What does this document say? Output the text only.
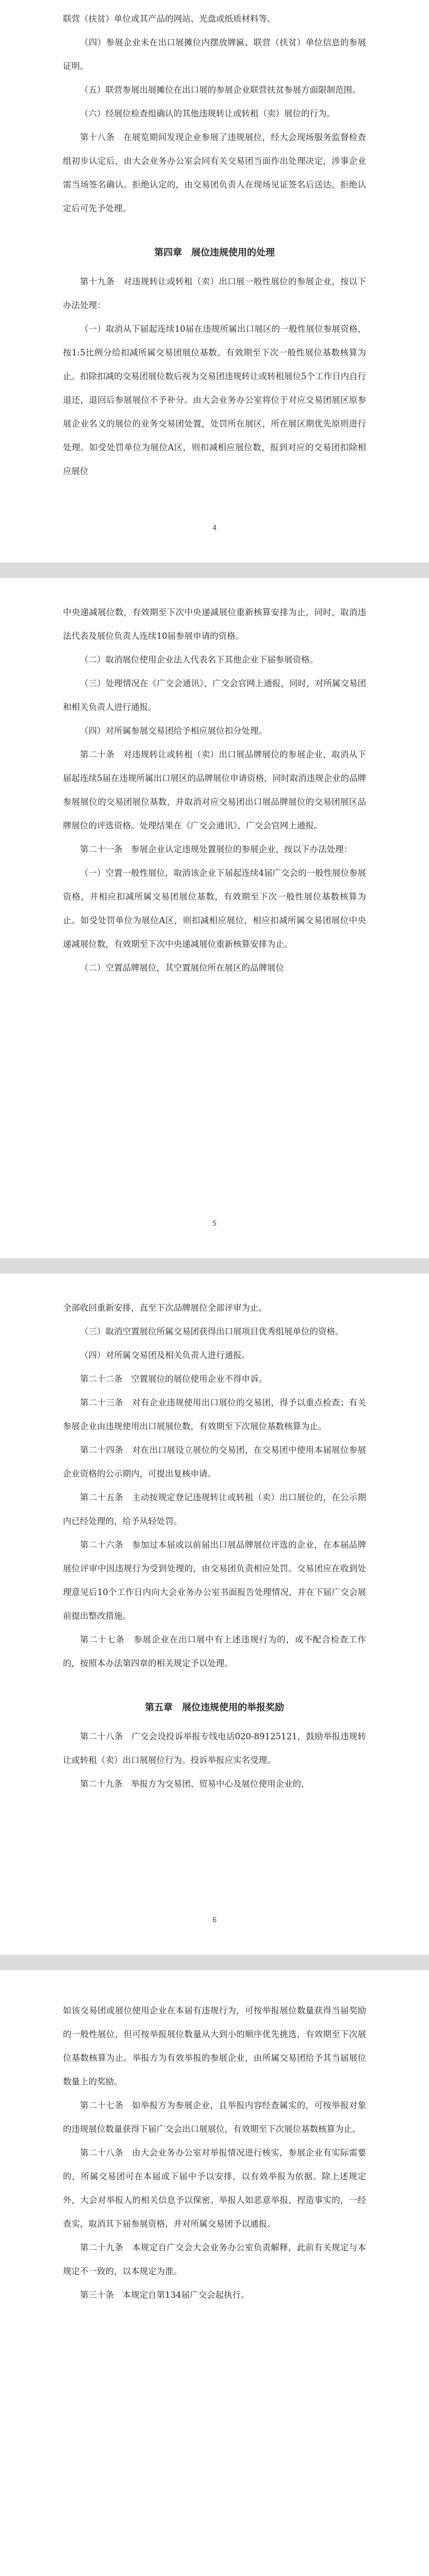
联营（扶贫）单位或其产品的网站、光盘或纸质材料等。

（四）参展企业未在出口展摊位内摆放牌匾、联营（扶贫）单位信息的参展证明。

（五）联营参展出展摊位在出口展的参展企业联营扶贫参展方面限制范围。

（六）经展位检查组确认的其他违规转让或转租（卖）展位的行为。

第十八条　在展览期间发现企业参展了违规展位，经大会现场服务监督检查组初步认定后，由大会业务办公室会同有关交易团当面作出处理决定，涉事企业需当场签名确认。拒绝认定的，由交易团负责人在现场见证签名后送达。拒绝认定后可先予处理。

第四章　展位违规使用的处理

第十九条　对违规转让或转租（卖）出口展一般性展位的参展企业，按以下办法处理：

（一）取消从下届起连续10届在违规所属出口展区的一般性展位参展资格，按1:5比例分给扣减所属交易团展位基数。有效期至下次一般性展位基数核算为止。扣除扣减的交易团展位数后视为交易团违规转让或转租展位5个工作日内自行退还，退回后参展展位不予补分。由大会业务办公室将位于对应交易团展区原参展企业名义的展位的业务交易团处置，处罚所在展区，所在展区期优先原则进行处理。如受处罚单位为展位A区，则扣减相应展位数，报到对应的交易团扣除相应展位

4

中央递减展位数，有效期至下次中央递减展位重新核算安排为止，同时，取消违法代表及展位负责人连续10届参展申请的资格。

（二）取消展位使用企业法人代表名下其他企业下届参展资格。

（三）处理情况在《广交会通讯》、广交会官网上通报，同时，对所属交易团和相关负责人进行通报。

（四）对所属参展交易团给予相应展位扣分处理。

第二十条　对违规转让或转租（卖）出口展品牌展位的参展企业，取消从下届起连续5届在违规所属出口展区的品牌展位申请资格，同时取消违规企业的品牌参展展位的交易团展位基数，并取消对应交易团出口展品牌展位的交易团展区品牌展位的评选资格。处理结果在《广交会通讯》、广交会官网上通报。

第二十一条　参展企业认定违规处置展位的参展企业，按以下办法处理：

（一）空置一般性展位，取消该企业下届起连续4届广交会的一般性展位参展资格，并相应扣减所属交易团展位基数，有效期至下次一般性展位基数核算为止。如受处罚单位为展位A区，则扣减相应展位，相应扣减所属交易团展位中央递减展位数，有效期至下次中央递减展位重新核算安排为止。

（二）空置品牌展位，其空置展位所在展区的品牌展位

5

全部收回重新安排，直至下次品牌展位全部评审为止。

（三）取消空置展位所属交易团获得出口展项目优秀组展单位的资格。

（四）对所属交易团及相关负责人进行通报。

第二十二条　空置展位的展位使用企业不得申诉。

第二十三条　对有企业违规使用出口展位的交易团，得予以重点检查；有关参展企业由违规使用出口展展位数，有效期至下次展位基数核算为止。

第二十四条　对在出口展设立展位的交易团，在交易团中使用本届展位参展企业资格的公示期内，可提出复核申请。

第二十五条　主动按规定登记违规转让或转租（卖）出口展位的，在公示期内已经处理的，给予从轻处罚。

第二十六条　参加过本届或以前届出口展品牌展位评选的企业，在本届品牌展位评审中因违规行为受到处理的，由交易团负责相应处罚。交易团应在收到处理意见后10个工作日内向大会业务办公室书面报告处理情况，并在下届广交会展前提出整改措施。

第二十七条　参展企业在出口展中有上述违规行为的，或不配合检查工作的，按照本办法第四章的相关规定予以处理。

第五章　展位违规使用的举报奖励

第二十八条　广交会设投诉举报专线电话020-89125121，鼓励举报违规转让或转租（卖）出口展展位行为。投诉举报应实名受理。

第二十九条　举报方为交易团、贸易中心及展位使用企业的，

6

如该交易团或展位使用企业在本届有违规行为，可按举报展位数量获得当届奖励的一般性展位，但可按举报展位数量从大到小的顺序优先挑选，有效期至下次展位基数核算为止。举报方为有效举报的参展企业，由所属交易团给予其当届展位数量上的奖励。

第二十七条　如举报方为参展企业，且举报内容经查属实的，可按举报对象的违规展位数量获得下届广交会出口展展位，有效期至下次展位基数核算为止。

第二十八条　由大会业务办公室对举报情况进行核实，参展企业有实际需要的，所属交易团可在本届或下届中予以安排，以有效举报为依据。除上述规定外，大会对举报人的相关信息予以保密。举报人如恶意举报、捏造事实的，一经查实，取消其下届参展资格，并对所属交易团予以通报。

第二十九条　本规定自广交会大会业务办公室负责解释，此前有关规定与本规定不一致的，以本规定为准。

第三十条　本规定自第134届广交会起执行。
